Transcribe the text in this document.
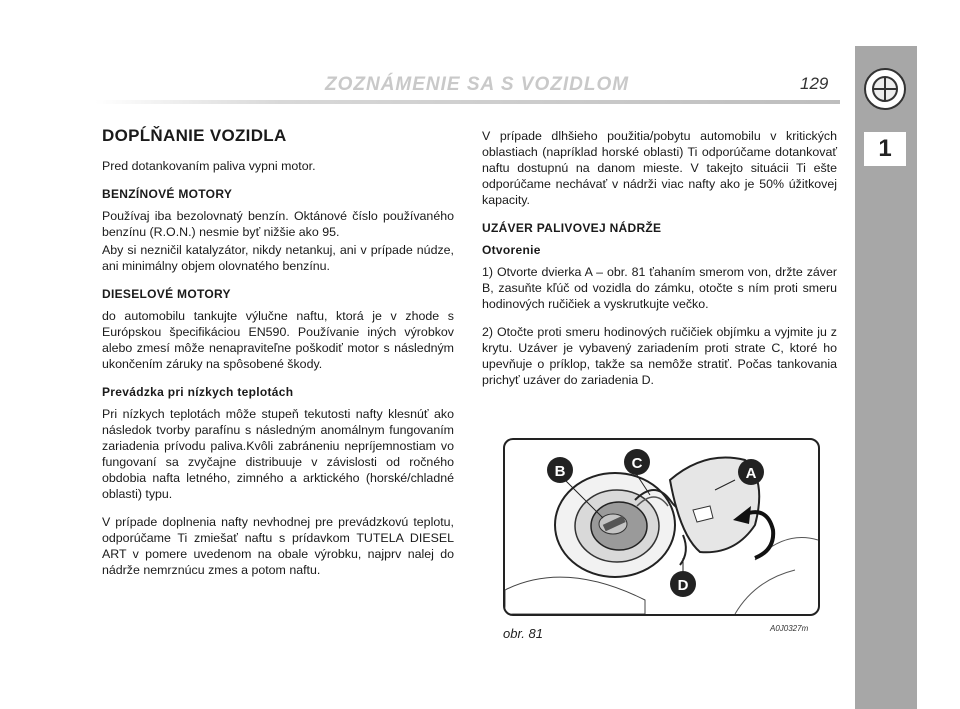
ZOZNÁMENIE SA S VOZIDLOM	129
1
DOPĹŇANIE VOZIDLA

Pred dotankovaním paliva vypni motor.

BENZÍNOVÉ MOTORY

Používaj iba bezolovnatý benzín. Oktánové číslo používaného benzínu (R.O.N.) nesmie byť nižšie ako 95.

Aby si nezničil katalyzátor, nikdy netankuj, ani v prípade núdze, ani minimálny objem olovnatého benzínu.

DIESELOVÉ MOTORY

do automobilu tankujte výlučne naftu, ktorá je v zhode s Európskou špecifikáciou EN590. Používanie iných výrobkov alebo zmesí môže nenapraviteľne poškodiť motor s následným ukončením záruky na spôsobené škody.

Prevádzka pri nízkych teplotách

Pri nízkych teplotách môže stupeň tekutosti nafty klesnúť ako následok tvorby parafínu s následným anomálnym fungovaním zariadenia prívodu paliva.Kvôli zabráneniu nepríjemnostiam vo fungovaní sa zvyčajne distribuuje v závislosti od ročného obdobia nafta letného, zimného a arktického (horské/chladné oblasti) typu.

V prípade doplnenia nafty nevhodnej pre prevádzkovú teplotu, odporúčame Ti zmiešať naftu s prídavkom TUTELA DIESEL ART v pomere uvedenom na obale výrobku, najprv nalej do nádrže nemrznúcu zmes a potom naftu.

V prípade dlhšieho použitia/pobytu automobilu v kritických oblastiach (napríklad horské oblasti) Ti odporúčame dotankovať naftu dostupnú na danom mieste. V takejto situácii Ti ešte odporúčame nechávať v nádrži viac nafty ako je 50% úžitkovej kapacity.

UZÁVER PALIVOVEJ NÁDRŽE
Otvorenie

1) Otvorte dvierka A – obr. 81 ťahaním smerom von, držte záver B, zasuňte kľúč od vozidla do zámku, otočte s ním proti smeru hodinových ručičiek a vyskrutkujte večko.

2) Otočte proti smeru hodinových ručičiek objímku a vyjmite ju z krytu. Uzáver je vybavený zariadením proti strate C, ktoré ho upevňuje o príklop, takže sa nemôže stratiť. Počas tankovania prichyť uzáver do zariadenia D.

B	C
A
D
obr. 81	A0J0327m
